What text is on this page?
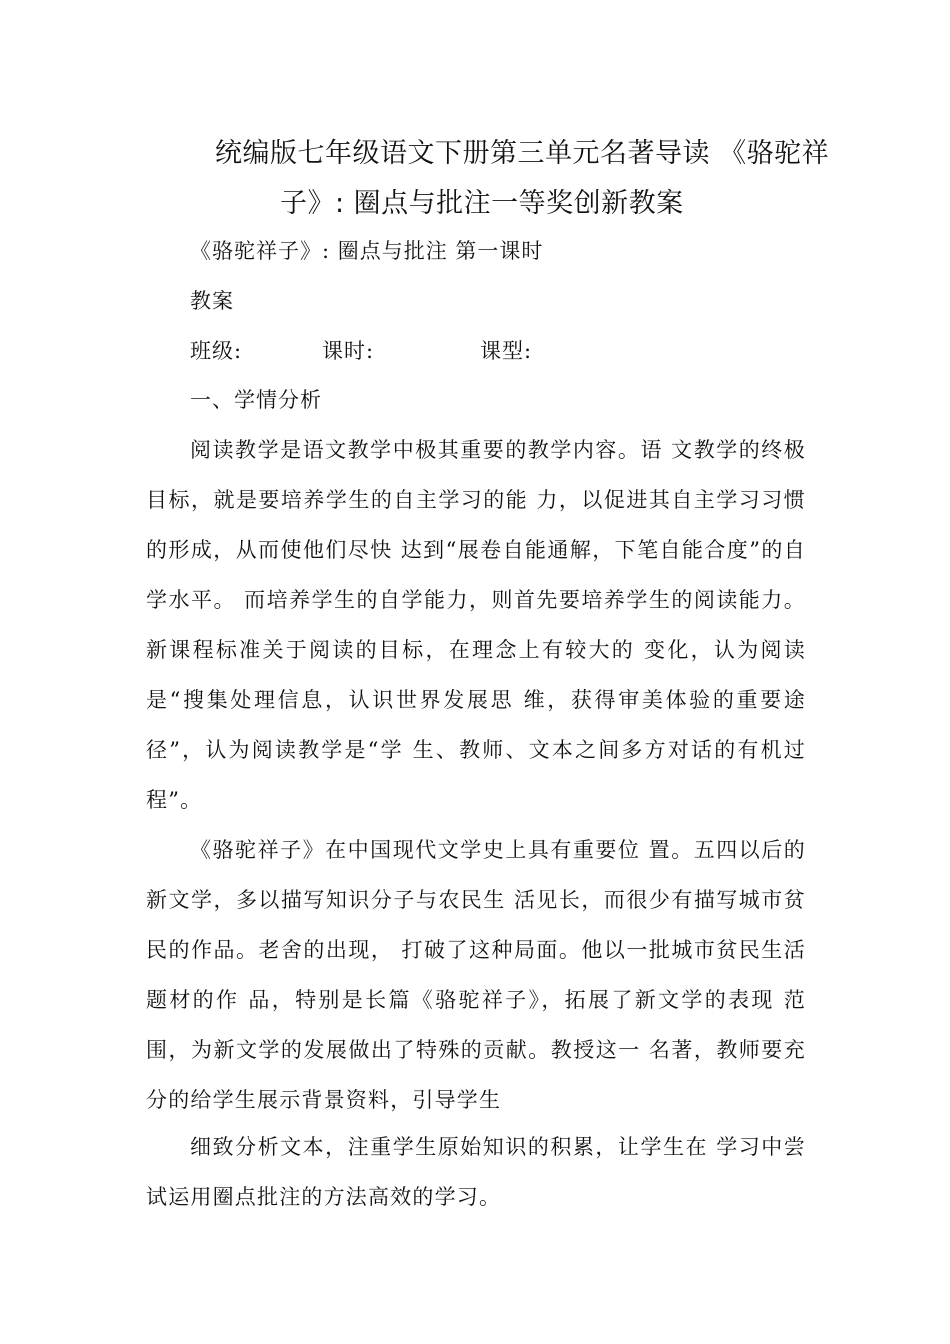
统编版七年级语文下册第三单元名著导读 《骆驼祥
子》: 圈点与批注一等奖创新教案
《骆驼祥子》: 圈点与批注 第一课时
教案
班级:	课时:	课型:
一、学情分析
阅读教学是语文教学中极其重要的教学内容。语 文教学的终极目标，就是要培养学生的自主学习的能 力，以促进其自主学习习惯的形成，从而使他们尽快 达到“展卷自能通解，下笔自能合度”的自学水平。 而培养学生的自学能力，则首先要培养学生的阅读能力。新课程标准关于阅读的目标，在理念上有较大的 变化，认为阅读是“搜集处理信息，认识世界发展思 维，获得审美体验的重要途径”，认为阅读教学是“学 生、教师、文本之间多方对话的有机过程”。
《骆驼祥子》在中国现代文学史上具有重要位 置。五四以后的新文学，多以描写知识分子与农民生 活见长，而很少有描写城市贫民的作品。老舍的出现， 打破了这种局面。他以一批城市贫民生活题材的作 品，特别是长篇《骆驼祥子》，拓展了新文学的表现 范围，为新文学的发展做出了特殊的贡献。教授这一 名著，教师要充分的给学生展示背景资料，引导学生
细致分析文本，注重学生原始知识的积累，让学生在 学习中尝试运用圈点批注的方法高效的学习。
